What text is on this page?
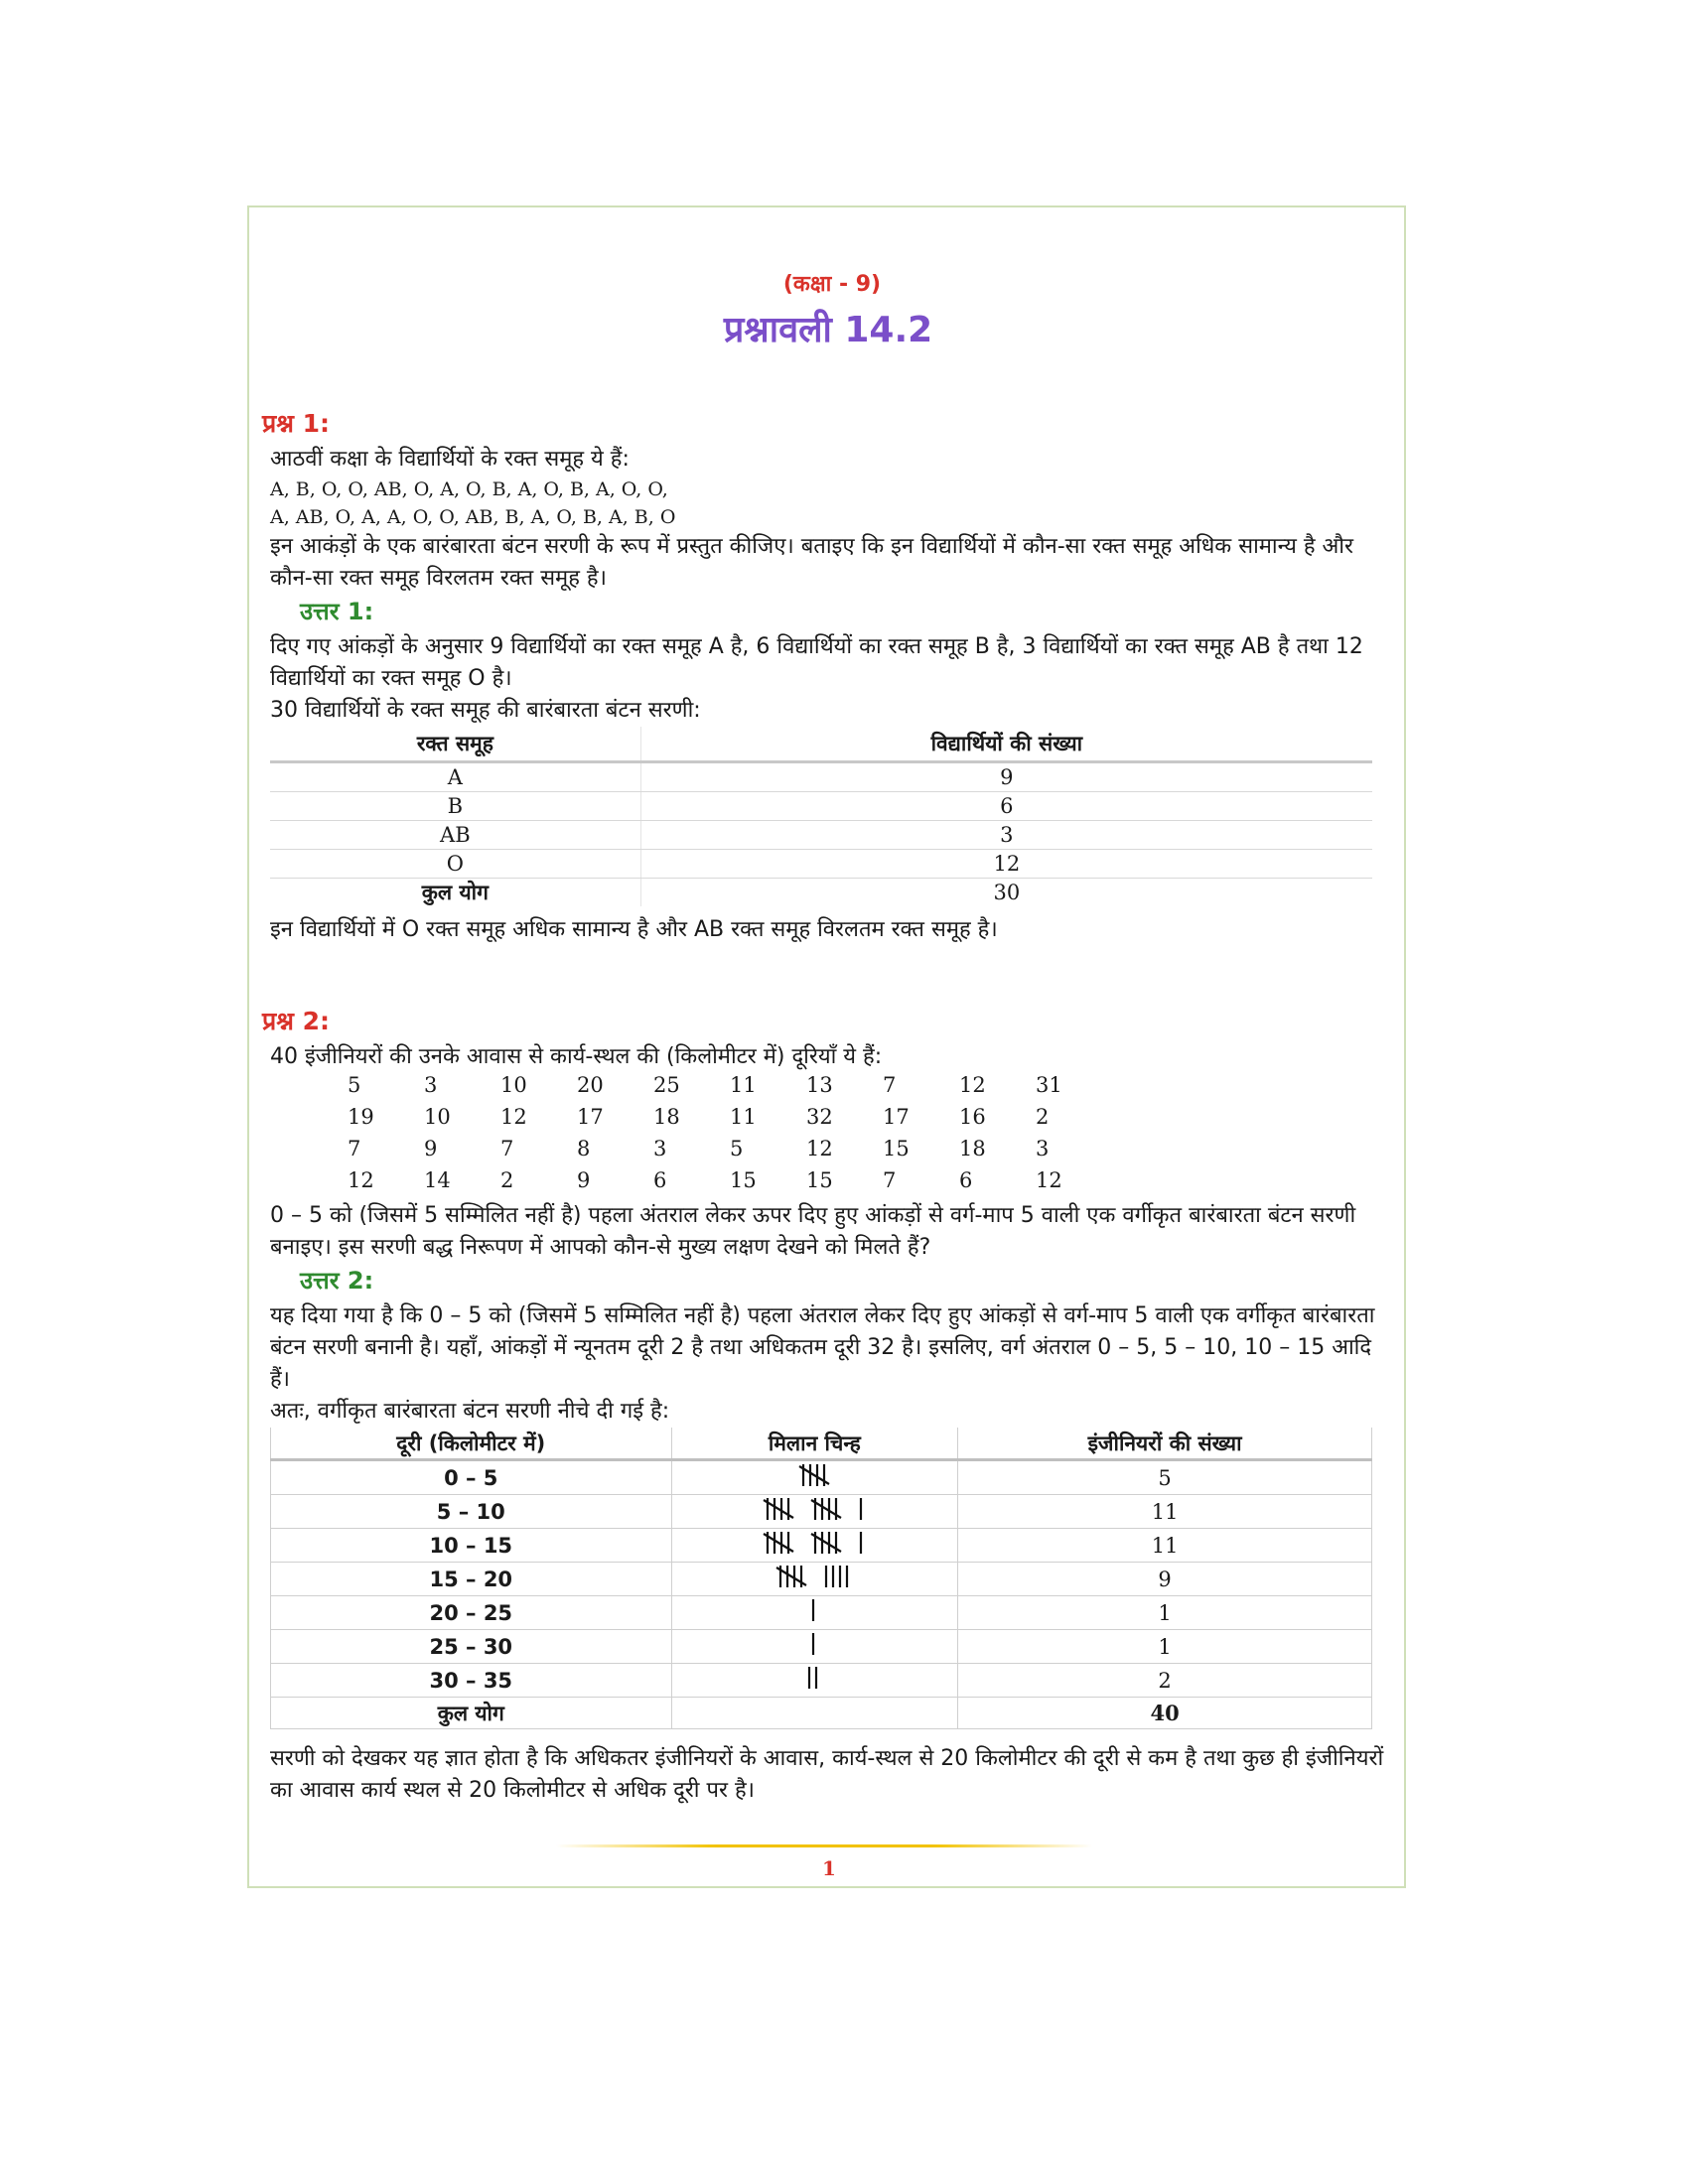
(कक्षा - 9)
प्रश्नावली 14.2
प्रश्न 1:

आठवीं कक्षा के विद्यार्थियों के रक्त समूह ये हैं:

A, B, O, O, AB, O, A, O, B, A, O, B, A, O, O,

A, AB, O, A, A, O, O, AB, B, A, O, B, A, B, O

इन आकंड़ों के एक बारंबारता बंटन सरणी के रूप में प्रस्तुत कीजिए। बताइए कि इन विद्यार्थियों में कौन-सा रक्त समूह अधिक सामान्य है और कौन-सा रक्त समूह विरलतम रक्त समूह है।

उत्तर 1:

दिए गए आंकड़ों के अनुसार 9 विद्यार्थियों का रक्त समूह A है, 6 विद्यार्थियों का रक्त समूह B है, 3 विद्यार्थियों का रक्त समूह AB है तथा 12 विद्यार्थियों का रक्त समूह O है।

30 विद्यार्थियों के रक्त समूह की बारंबारता बंटन सरणी:

रक्त समूह	विद्यार्थियों की संख्या
A	9
B	6
AB	3
O	12
कुल योग	30

इन विद्यार्थियों में O रक्त समूह अधिक सामान्य है और AB रक्त समूह विरलतम रक्त समूह है।

प्रश्न 2:

40 इंजीनियरों की उनके आवास से कार्य-स्थल की (किलोमीटर में) दूरियाँ ये हैं:

5	3	10	20	25	11	13	7	12	31
19	10	12	17	18	11	32	17	16	2
7	9	7	8	3	5	12	15	18	3
12	14	2	9	6	15	15	7	6	12

0 – 5 को (जिसमें 5 सम्मिलित नहीं है) पहला अंतराल लेकर ऊपर दिए हुए आंकड़ों से वर्ग-माप 5 वाली एक वर्गीकृत बारंबारता बंटन सरणी बनाइए। इस सरणी बद्ध निरूपण में आपको कौन-से मुख्य लक्षण देखने को मिलते हैं?

उत्तर 2:

यह दिया गया है कि 0 – 5 को (जिसमें 5 सम्मिलित नहीं है) पहला अंतराल लेकर दिए हुए आंकड़ों से वर्ग-माप 5 वाली एक वर्गीकृत बारंबारता बंटन सरणी बनानी है। यहाँ, आंकड़ों में न्यूनतम दूरी 2 है तथा अधिकतम दूरी 32 है। इसलिए, वर्ग अंतराल 0 – 5, 5 – 10, 10 – 15 आदि हैं।

अतः, वर्गीकृत बारंबारता बंटन सरणी नीचे दी गई है:

दूरी (किलोमीटर में)	मिलान चिन्ह	इंजीनियरों की संख्या
0 – 5		5
5 – 10		11
10 – 15		11
15 – 20		9
20 – 25		1
25 – 30		1
30 – 35		2
कुल योग		40

सरणी को देखकर यह ज्ञात होता है कि अधिकतर इंजीनियरों के आवास, कार्य-स्थल से 20 किलोमीटर की दूरी से कम है तथा कुछ ही इंजीनियरों का आवास कार्य स्थल से 20 किलोमीटर से अधिक दूरी पर है।

1
